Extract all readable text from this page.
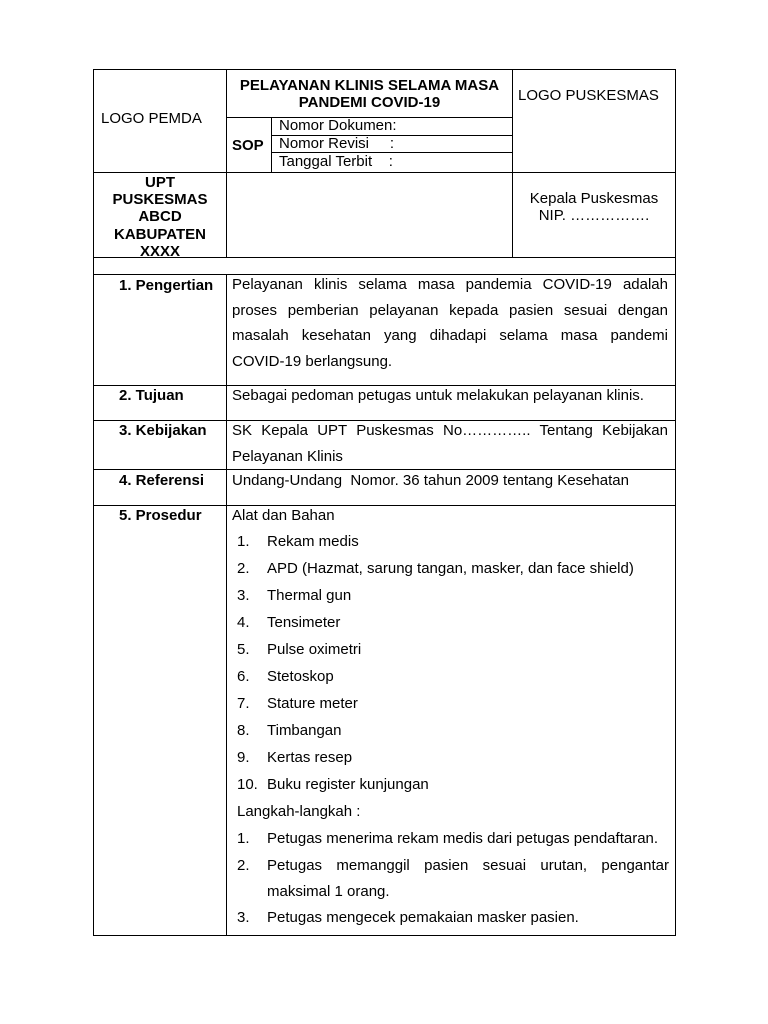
LOGO PEMDA
PELAYANAN KLINIS SELAMA MASA
PANDEMI COVID-19	LOGO PUSKESMAS
SOP
Nomor Dokumen:
Nomor Revisi     :
Tanggal Terbit    :
UPT
PUSKESMAS
ABCD
KABUPATEN
XXXX
Kepala Puskesmas
NIP. …………….
1. Pengertian
2. Tujuan
3. Kebijakan
4. Referensi
5. Prosedur
Pelayanan klinis selama masa pandemia COVID-19 adalah proses pemberian pelayanan kepada pasien sesuai dengan masalah kesehatan yang dihadapi selama masa pandemi COVID-19 berlangsung.
Sebagai pedoman petugas untuk melakukan pelayanan klinis.
SK Kepala UPT Puskesmas No………….. Tentang Kebijakan Pelayanan Klinis
Undang-Undang  Nomor. 36 tahun 2009 tentang Kesehatan
Alat dan Bahan
1. Rekam medis
2. APD (Hazmat, sarung tangan, masker, dan face shield)
3. Thermal gun
4. Tensimeter
5. Pulse oximetri
6. Stetoskop
7. Stature meter
8. Timbangan
9. Kertas resep
10. Buku register kunjungan
Langkah-langkah :
1. Petugas menerima rekam medis dari petugas pendaftaran.
2. Petugas memanggil pasien sesuai urutan, pengantar maksimal 1 orang.
3. Petugas mengecek pemakaian masker pasien.
